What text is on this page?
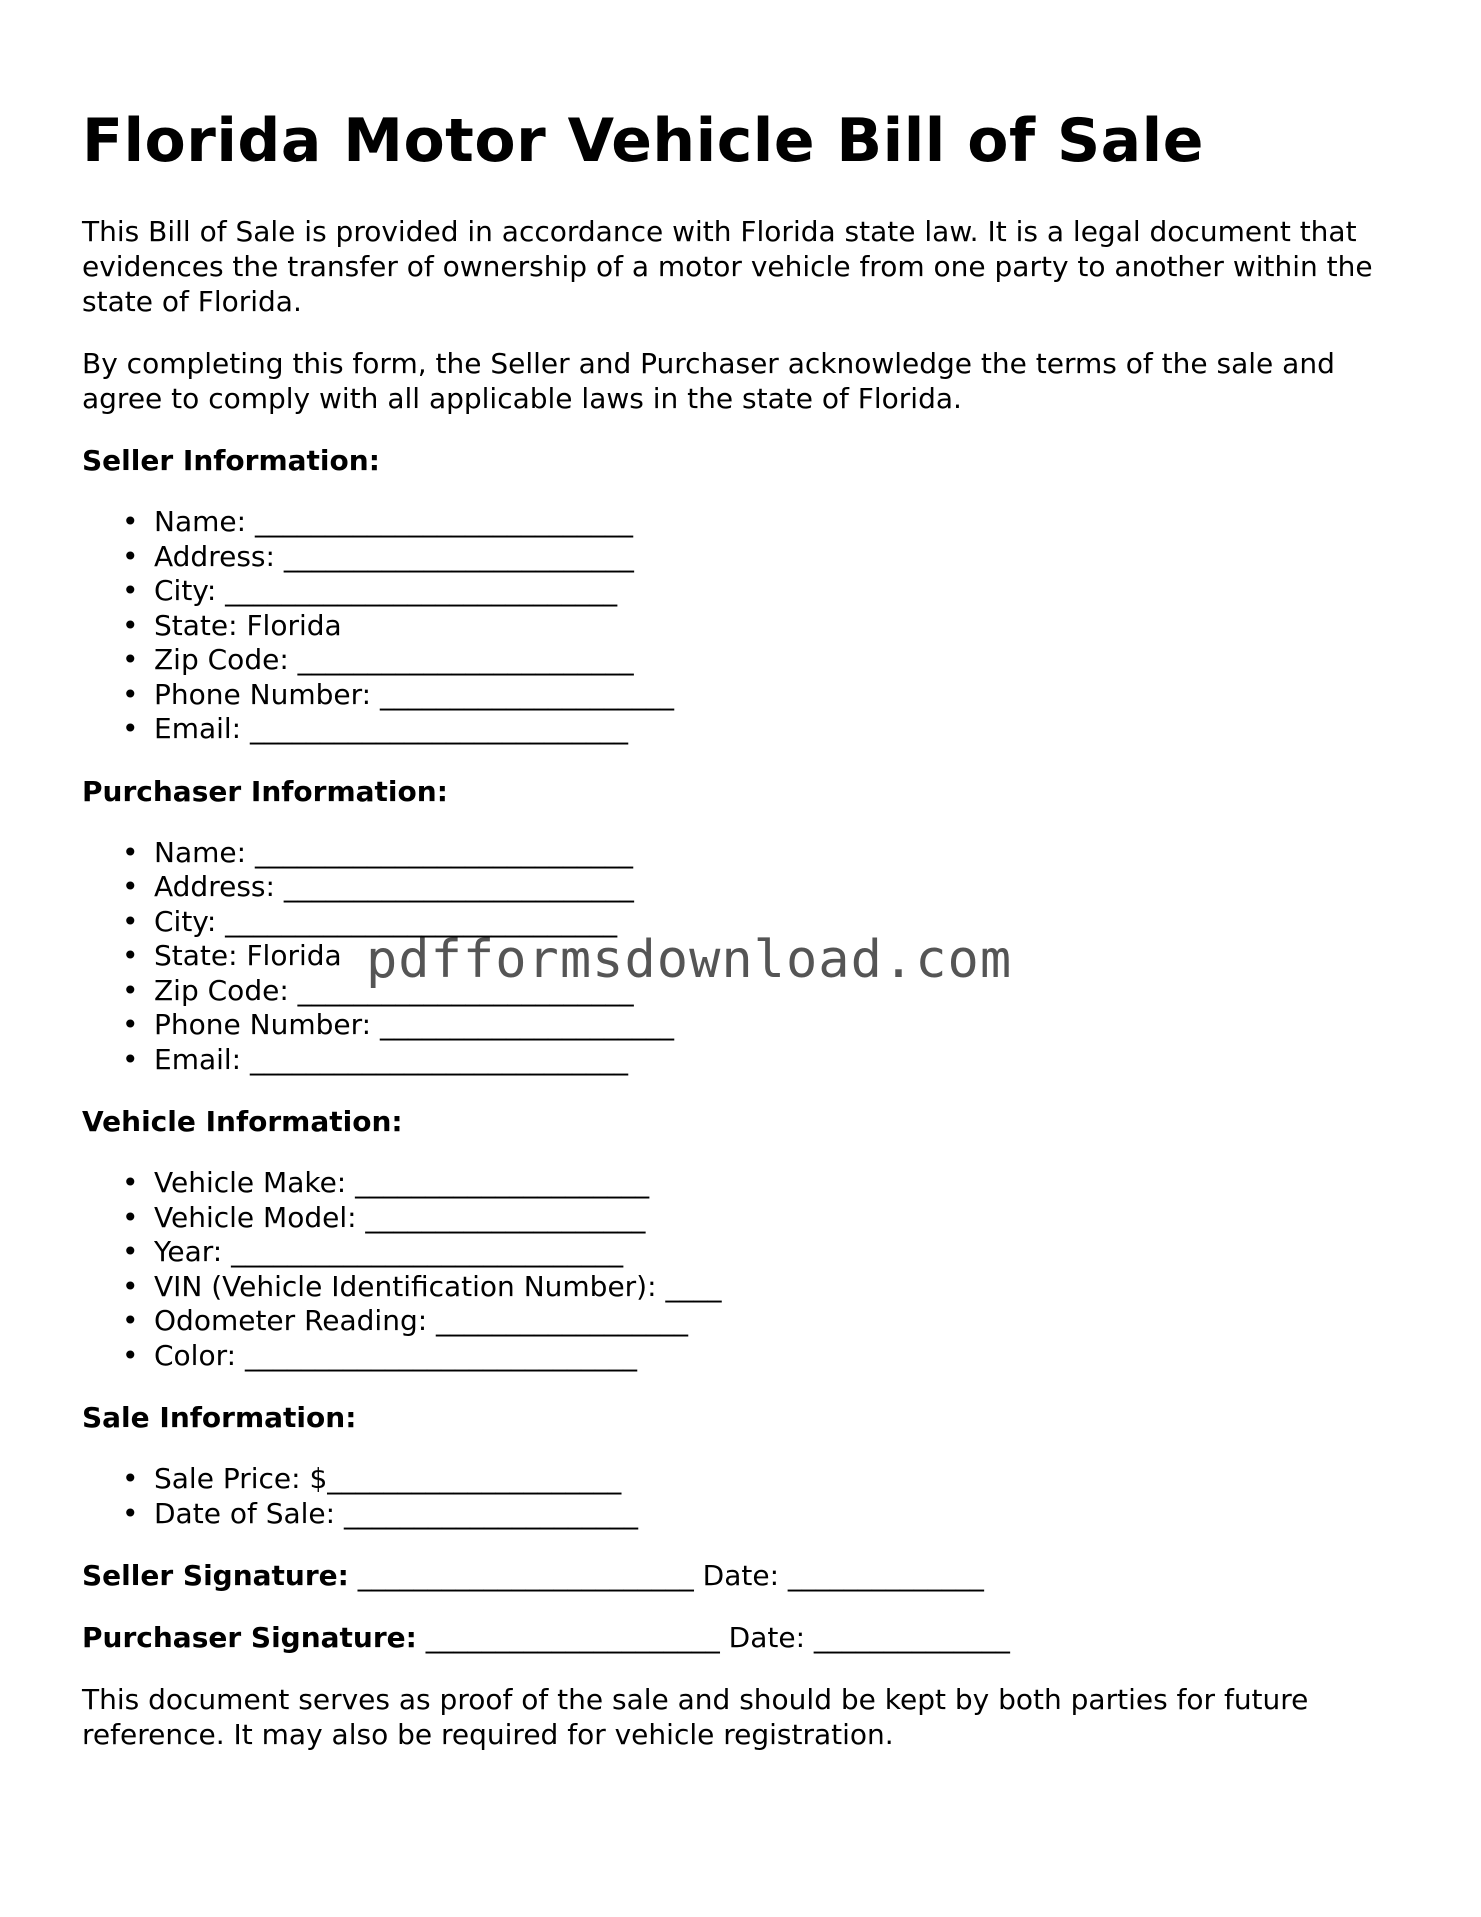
Florida Motor Vehicle Bill of Sale

This Bill of Sale is provided in accordance with Florida state law. It is a legal document that evidences the transfer of ownership of a motor vehicle from one party to another within the state of Florida.

By completing this form, the Seller and Purchaser acknowledge the terms of the sale and agree to comply with all applicable laws in the state of Florida.

Seller Information:
• Name: ___________________________
• Address: _________________________
• City: ____________________________
• State: Florida
• Zip Code: ________________________
• Phone Number: _____________________
• Email: ___________________________
Purchaser Information:
• Name: ___________________________
• Address: _________________________
• City: ____________________________
• State: Florida
• Zip Code: ________________________
• Phone Number: _____________________
• Email: ___________________________
Vehicle Information:
• Vehicle Make: _____________________
• Vehicle Model: ____________________
• Year: ____________________________
• VIN (Vehicle Identification Number): ____
• Odometer Reading: __________________
• Color: ____________________________
Sale Information:
• Sale Price: $_____________________
• Date of Sale: _____________________
Seller Signature: ________________________ Date: ______________
Purchaser Signature: _____________________ Date: ______________

This document serves as proof of the sale and should be kept by both parties for future reference. It may also be required for vehicle registration.

pdfformsdownload.com
